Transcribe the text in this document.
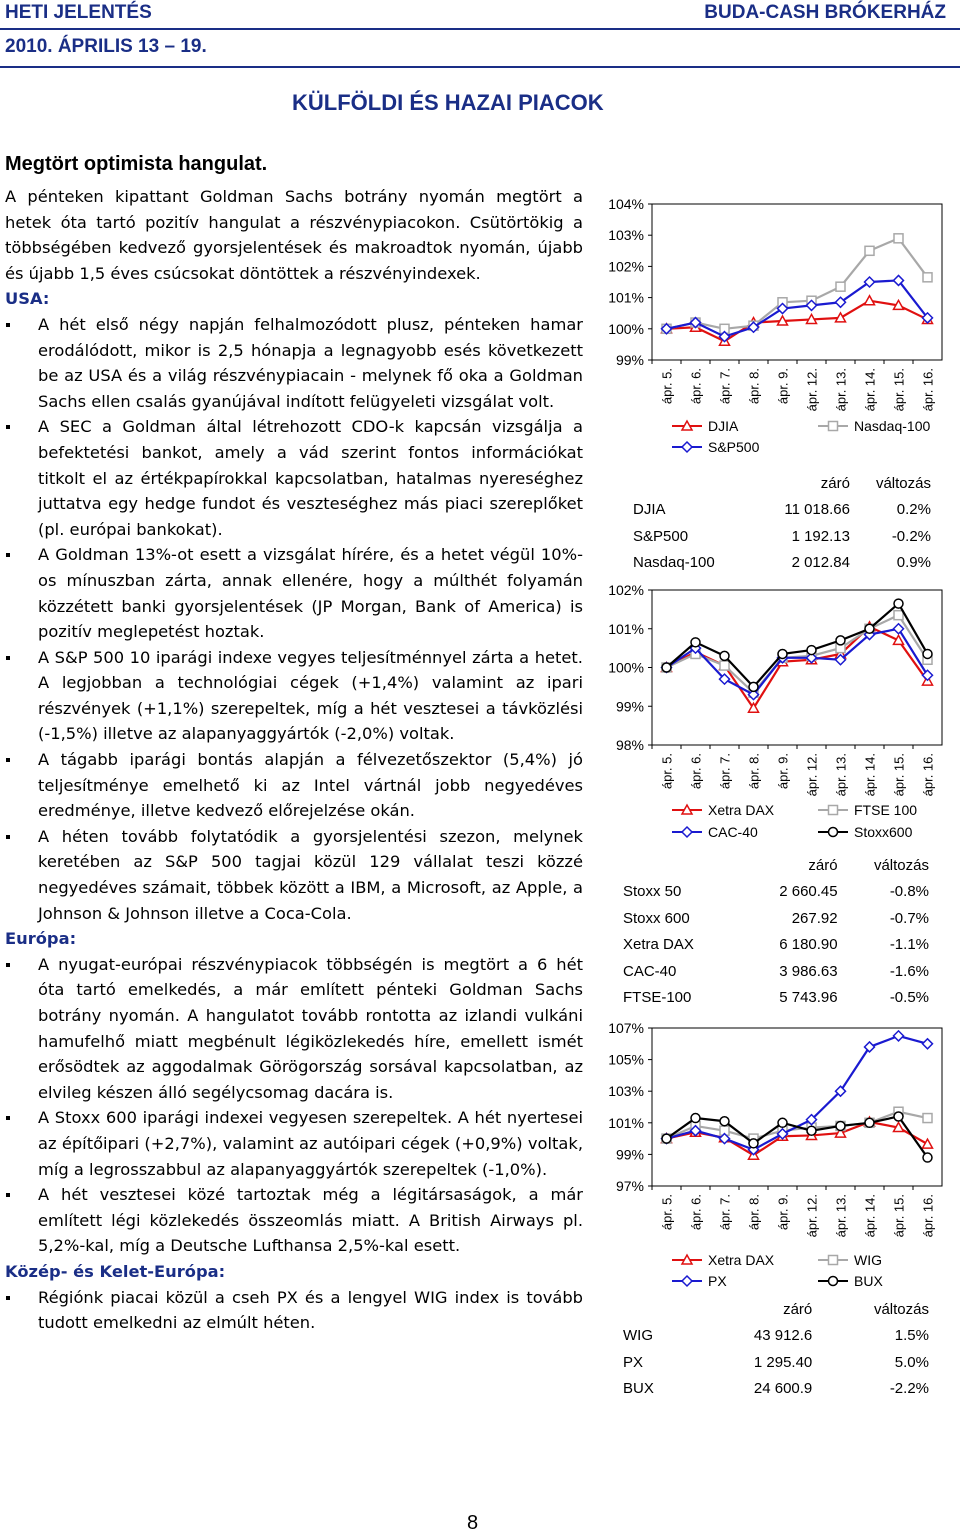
HETI JELENTÉS	BUDA-CASH BRÓKERHÁZ
2010. ÁPRILIS 13 – 19.
KÜLFÖLDI ÉS HAZAI PIACOK
Megtört optimista hangulat.

A pénteken kipattant Goldman Sachs botrány nyomán megtört a hetek óta tartó pozitív hangulat a részvénypiacokon. Csütörtökig a többségében kedvező gyorsjelentések és makroadtok nyomán, újabb és újabb 1,5 éves csúcsokat döntöttek a részvényindexek.

USA:
A hét első négy napján felhalmozódott plusz, pénteken hamar erodálódott, mikor is 2,5 hónapja a legnagyobb esés következett be az USA és a világ részvénypiacain - melynek fő oka a Goldman Sachs ellen csalás gyanújával indított felügyeleti vizsgálat volt.
A SEC a Goldman által létrehozott CDO-k kapcsán vizsgálja a befektetési bankot, amely a vád szerint fontos információkat titkolt el az értékpapírokkal kapcsolatban, hatalmas nyereséghez juttatva egy hedge fundot és veszteséghez más piaci szereplőket (pl. európai bankokat).
A Goldman 13%-ot esett a vizsgálat hírére, és a hetet végül 10%-os mínuszban zárta, annak ellenére, hogy a múlthét folyamán közzétett banki gyorsjelentések (JP Morgan, Bank of America) is pozitív meglepetést hoztak.
A S&P 500 10 iparági indexe vegyes teljesítménnyel zárta a hetet. A legjobban a technológiai cégek (+1,4%) valamint az ipari részvények (+1,1%) szerepeltek, míg a hét vesztesei a távközlési (-1,5%) illetve az alapanyaggyártók (-2,0%) voltak.
A tágabb iparági bontás alapján a félvezetőszektor (5,4%) jó teljesítménye emelhető ki az Intel vártnál jobb negyedéves eredménye, illetve kedvező előrejelzése okán.
A héten tovább folytatódik a gyorsjelentési szezon, melynek keretében az S&P 500 tagjai közül 129 vállalat teszi közzé negyedéves számait, többek között a IBM, a Microsoft, az Apple, a Johnson & Johnson illetve a Coca-Cola.
Európa:
A nyugat-európai részvénypiacok többségén is megtört a 6 hét óta tartó emelkedés, a már említett pénteki Goldman Sachs botrány nyomán. A hangulatot tovább rontotta az izlandi vulkáni hamufelhő miatt megbénult légiközlekedés híre, emellett ismét erősödtek az aggodalmak Görögország sorsával kapcsolatban, az elvileg készen álló segélycsomag dacára is.
A Stoxx 600 iparági indexei vegyesen szerepeltek. A hét nyertesei az építőipari (+2,7%), valamint az autóipari cégek (+0,9%) voltak, míg a legrosszabbul az alapanyaggyártók szerepeltek (-1,0%).
A hét vesztesei közé tartoztak még a légitársaságok, a már említett légi közlekedés összeomlás miatt. A British Airways pl. 5,2%-kal, míg a Deutsche Lufthansa 2,5%-kal esett.
Közép- és Kelet-Európa:
Régiónk piacai közül a cseh PX és a lengyel WIG index is tovább tudott emelkedni az elmúlt héten.
99%
100%
101%
102%
103%
104%
ápr. 5. ápr. 6. ápr. 7. ápr. 8. ápr. 9. ápr. 12. ápr. 13. ápr. 14. ápr. 15. ápr. 16.
DJIA	Nasdaq-100
S&P500
98%
99%
100%
101%
102%
ápr. 5. ápr. 6. ápr. 7. ápr. 8. ápr. 9. ápr. 12. ápr. 13. ápr. 14. ápr. 15. ápr. 16.
Xetra DAX	FTSE 100
CAC-40	Stoxx600
97%
99%
101%
103%
105%
107%
ápr. 5. ápr. 6. ápr. 7. ápr. 8. ápr. 9. ápr. 12. ápr. 13. ápr. 14. ápr. 15. ápr. 16.
Xetra DAX	WIG
PX	BUX
	záró	változás
DJIA	11 018.66	0.2%
S&P500	1 192.13	-0.2%
Nasdaq-100	2 012.84	0.9%
	záró	változás
Stoxx 50	2 660.45	-0.8%
Stoxx 600	267.92	-0.7%
Xetra DAX	6 180.90	-1.1%
CAC-40	3 986.63	-1.6%
FTSE-100	5 743.96	-0.5%
	záró	változás
WIG	43 912.6	1.5%
PX	1 295.40	5.0%
BUX	24 600.9	-2.2%
8
